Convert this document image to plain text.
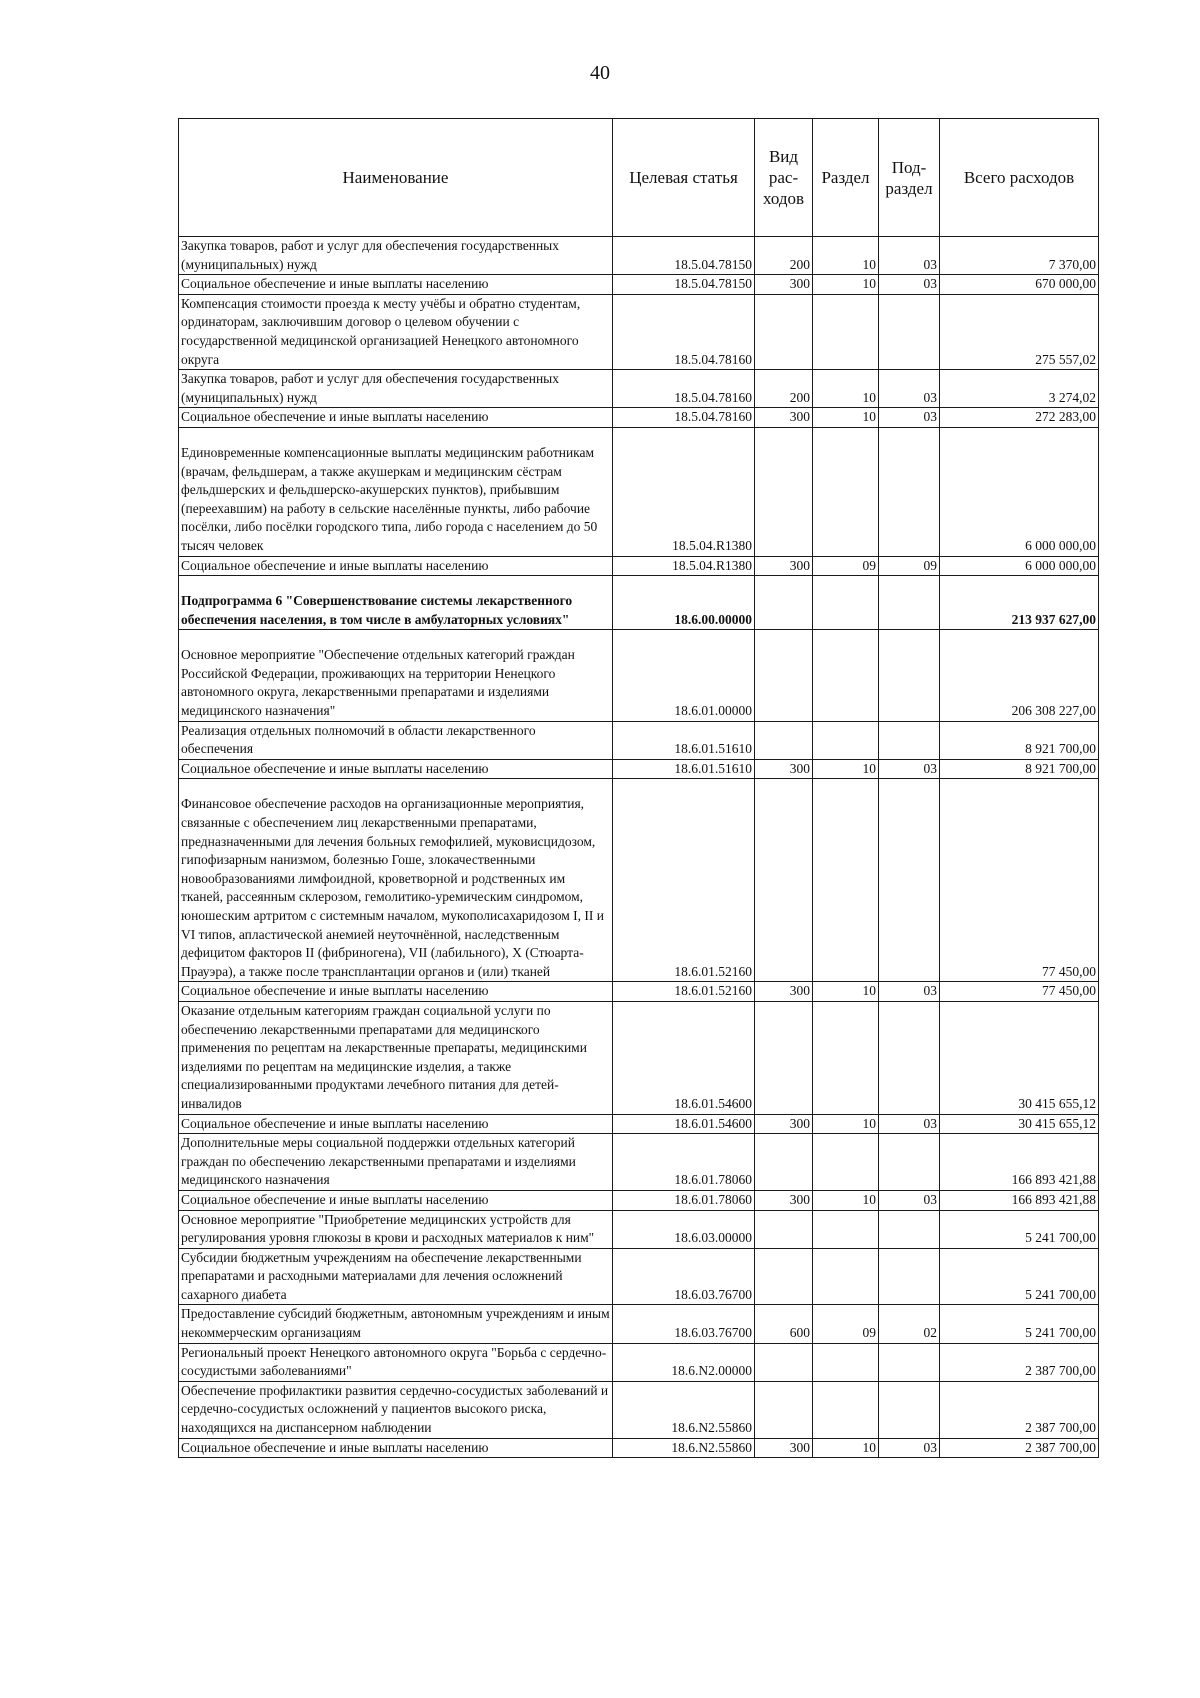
40
Наименование	Целевая статья	Вид рас- ходов	Раздел	Под- раздел	Всего расходов
Закупка товаров, работ и услуг для обеспечения государственных (муниципальных) нужд	18.5.04.78150	200	10	03	7 370,00
Социальное обеспечение и иные выплаты населению	18.5.04.78150	300	10	03	670 000,00
Компенсация стоимости проезда к месту учёбы и обратно студентам, ординаторам, заключившим договор о целевом обучении с государственной медицинской организацией Ненецкого автономного округа	18.5.04.78160				275 557,02
Закупка товаров, работ и услуг для обеспечения государственных (муниципальных) нужд	18.5.04.78160	200	10	03	3 274,02
Социальное обеспечение и иные выплаты населению	18.5.04.78160	300	10	03	272 283,00
Единовременные компенсационные выплаты медицинским работникам (врачам, фельдшерам, а также акушеркам и медицинским сёстрам фельдшерских и фельдшерско-акушерских пунктов), прибывшим (переехавшим) на работу в сельские населённые пункты, либо рабочие посёлки, либо посёлки городского типа, либо города с населением до 50 тысяч человек	18.5.04.R1380				6 000 000,00
Социальное обеспечение и иные выплаты населению	18.5.04.R1380	300	09	09	6 000 000,00
Подпрограмма 6 "Совершенствование системы лекарственного обеспечения населения, в том числе в амбулаторных условиях"	18.6.00.00000				213 937 627,00
Основное мероприятие "Обеспечение отдельных категорий граждан Российской Федерации, проживающих на территории Ненецкого автономного округа, лекарственными препаратами и изделиями медицинского назначения"	18.6.01.00000				206 308 227,00
Реализация отдельных полномочий в области лекарственного обеспечения	18.6.01.51610				8 921 700,00
Социальное обеспечение и иные выплаты населению	18.6.01.51610	300	10	03	8 921 700,00
Финансовое обеспечение расходов на организационные мероприятия, связанные с обеспечением лиц лекарственными препаратами, предназначенными для лечения больных гемофилией, муковисцидозом, гипофизарным нанизмом, болезнью Гоше, злокачественными новообразованиями лимфоидной, кроветворной и родственных им тканей, рассеянным склерозом, гемолитико-уремическим синдромом, юношеским артритом с системным началом, мукополисахаридозом I, II и VI типов, апластической анемией неуточнённой, наследственным дефицитом факторов II (фибриногена), VII (лабильного), X (Стюарта-Прауэра), а также после трансплантации органов и (или) тканей	18.6.01.52160				77 450,00
Социальное обеспечение и иные выплаты населению	18.6.01.52160	300	10	03	77 450,00
Оказание отдельным категориям граждан социальной услуги по обеспечению лекарственными препаратами для медицинского применения по рецептам на лекарственные препараты, медицинскими изделиями по рецептам на медицинские изделия, а также специализированными продуктами лечебного питания для детей-инвалидов	18.6.01.54600				30 415 655,12
Социальное обеспечение и иные выплаты населению	18.6.01.54600	300	10	03	30 415 655,12
Дополнительные меры социальной поддержки отдельных категорий граждан по обеспечению лекарственными препаратами и изделиями медицинского назначения	18.6.01.78060				166 893 421,88
Социальное обеспечение и иные выплаты населению	18.6.01.78060	300	10	03	166 893 421,88
Основное мероприятие "Приобретение медицинских устройств для регулирования уровня глюкозы в крови и расходных материалов к ним"	18.6.03.00000				5 241 700,00
Субсидии бюджетным учреждениям на обеспечение лекарственными препаратами и расходными материалами для лечения осложнений сахарного диабета	18.6.03.76700				5 241 700,00
Предоставление субсидий бюджетным, автономным учреждениям и иным некоммерческим организациям	18.6.03.76700	600	09	02	5 241 700,00
Региональный проект Ненецкого автономного округа "Борьба с сердечно-сосудистыми заболеваниями"	18.6.N2.00000				2 387 700,00
Обеспечение профилактики развития сердечно-сосудистых заболеваний и сердечно-сосудистых осложнений у пациентов высокого риска, находящихся на диспансерном наблюдении	18.6.N2.55860				2 387 700,00
Социальное обеспечение и иные выплаты населению	18.6.N2.55860	300	10	03	2 387 700,00
